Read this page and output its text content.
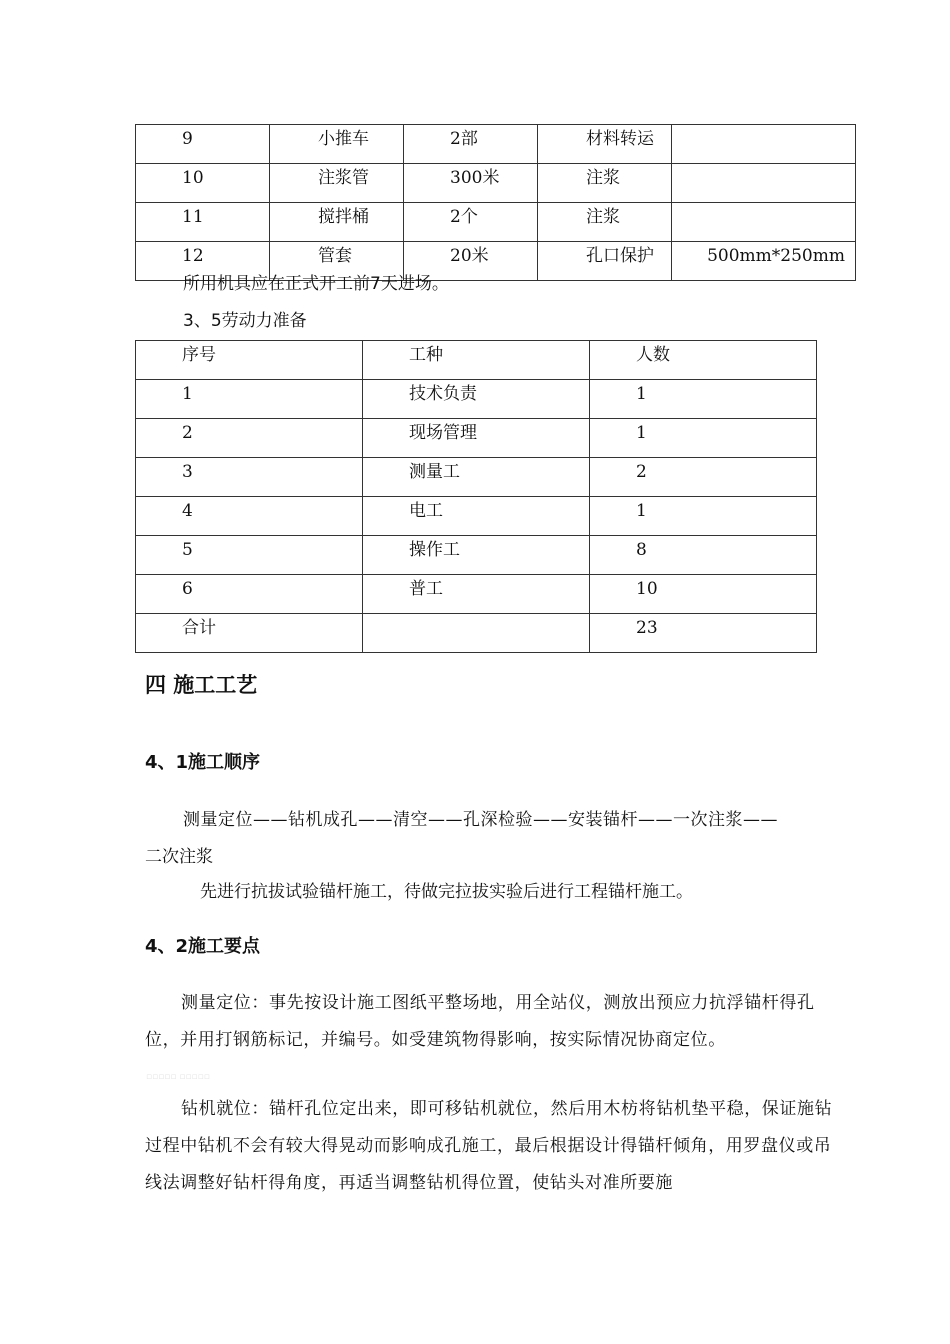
9	小推车	2部	材料转运	
10	注浆管	300米	注浆	
11	搅拌桶	2个	注浆	
12	管套	20米	孔口保护	500mm*250mm
所用机具应在正式开工前7天进场。
3、5劳动力准备
序号	工种	人数
1	技术负责	1
2	现场管理	1
3	测量工	2
4	电工	1
5	操作工	8
6	普工	10
合计		23
四 施工工艺
4、1施工顺序
测量定位——钻机成孔——清空——孔深检验——安装锚杆——一次注浆——
二次注浆
先进行抗拔试验锚杆施工，待做完拉拔实验后进行工程锚杆施工。
4、2施工要点
测量定位：事先按设计施工图纸平整场地，用全站仪，测放出预应力抗浮锚杆得孔位，并用打钢筋标记，并编号。如受建筑物得影响，按实际情况协商定位。
▫▫▫▫▫ ▫▫▫▫▫
钻机就位：锚杆孔位定出来，即可移钻机就位，然后用木枋将钻机垫平稳，保证施钻过程中钻机不会有较大得晃动而影响成孔施工，最后根据设计得锚杆倾角，用罗盘仪或吊线法调整好钻杆得角度，再适当调整钻机得位置，使钻头对准所要施
